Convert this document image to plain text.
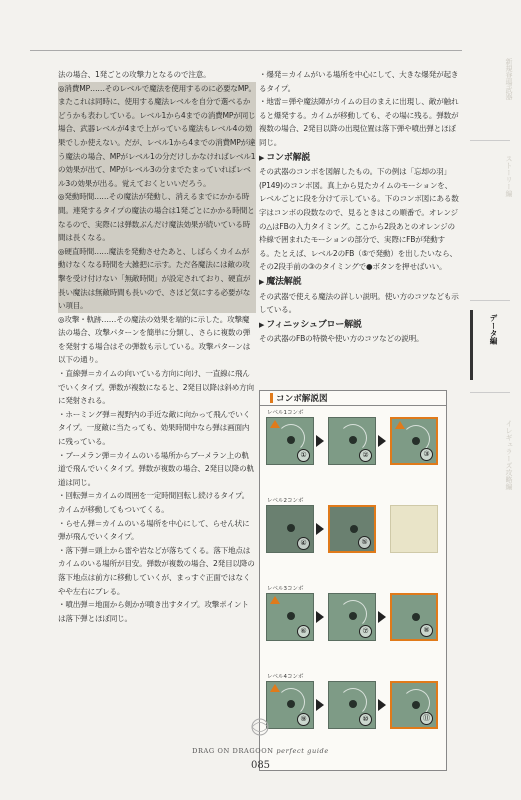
法の場合、1発ごとの攻撃力となるので注意。

◎消費MP……そのレベルで魔法を使用するのに必要なMP。またこれは同時に、使用する魔法レベルを自分で選べるかどうかも表わしている。レベル1から4までの消費MPが同じ場合、武器レベルが4まで上がっている魔法もレベル4の効果でしか使えない。だが、レベル1から4までの消費MPが違う魔法の場合、MPがレベル1の分だけしかなければレベル1の効果が出て、MPがレベル3の分までたまっていればレベル3の効果が出る。覚えておくといいだろう。

◎発動時間……その魔法が発動し、消えるまでにかかる時間。連発するタイプの魔法の場合は1発ごとにかかる時間となるので、実際には弾数ぶんだけ魔法効果が続いている時間は長くなる。

◎硬直時間……魔法を発動させたあと、しばらくカイムが動けなくなる時間を大雑把に示す。ただ各魔法には敵の攻撃を受け付けない「無敵時間」が設定されており、硬直が長い魔法は無敵時間も長いので、さほど気にする必要がない項目。

◎攻撃・軌跡……その魔法の効果を端的に示した。攻撃魔法の場合、攻撃パターンを簡単に分類し、さらに複数の弾を発射する場合はその弾数も示している。攻撃パターンは以下の通り。

・直線弾＝カイムの向いている方向に向け、一直線に飛んでいくタイプ。弾数が複数になると、2発目以降は斜め方向に発射される。

・ホーミング弾＝視野内の手近な敵に向かって飛んでいくタイプ。一度敵に当たっても、効果時間中なら弾は画面内に残っている。

・ブーメラン弾＝カイムのいる場所からブーメラン上の軌道で飛んでいくタイプ。弾数が複数の場合、2発目以降の軌道は同じ。

・回転弾＝カイムの周囲を一定時間回転し続けるタイプ。カイムが移動してもついてくる。

・らせん弾＝カイムのいる場所を中心にして、らせん状に弾が飛んでいくタイプ。

・落下弾＝頭上から雷や岩などが落ちてくる。落下地点はカイムのいる場所が目安。弾数が複数の場合、2発目以降の落下地点は前方に移動していくが、まっすぐ正面ではなくやや左右にブレる。

・噴出弾＝地面から剣かが噴き出すタイプ。攻撃ポイントは落下弾とほぼ同じ。

・爆発＝カイムがいる場所を中心にして、大きな爆発が起きるタイプ。

・地雷＝弾や魔法陣がカイムの目のまえに出現し、敵が触れると爆発する。カイムが移動しても、その場に残る。弾数が複数の場合、2発目以降の出現位置は落下弾や噴出弾とほぼ同じ。

▶ コンボ解説

その武器のコンボを図解したもの。下の例は「忘却の羽」(P149)のコンボ図。真上から見たカイムのモーションを、レベルごとに段を分けて示している。下のコンボ図にある数字はコンボの段数なので、見るときはこの順番で。オレンジの△はFBの入力タイミング。ここから2段あとのオレンジの枠線で囲まれたモーションの部分で、実際にFBが発動する。たとえば、レベル2のFB（⑤で発動）を出したいなら、その2段手前の③のタイミングで●ボタンを押せばいい。

▶ 魔法解説

その武器で使える魔法の詳しい説明。使い方のコツなども示している。

▶ フィニッシュブロー解説

その武器のFBの特徴や使い方のコツなどの説明。

コンボ解説図
レベル1コンボ
①	②	③
レベル2コンボ
④	⑤
レベル3コンボ
⑥	⑦	⑧
レベル4コンボ
⑨	⑩	⑪
新規登場武器
ストーリー編
データ編
イレギュラーズ攻略編
DRAG ON DRAGOON perfect guide
085
